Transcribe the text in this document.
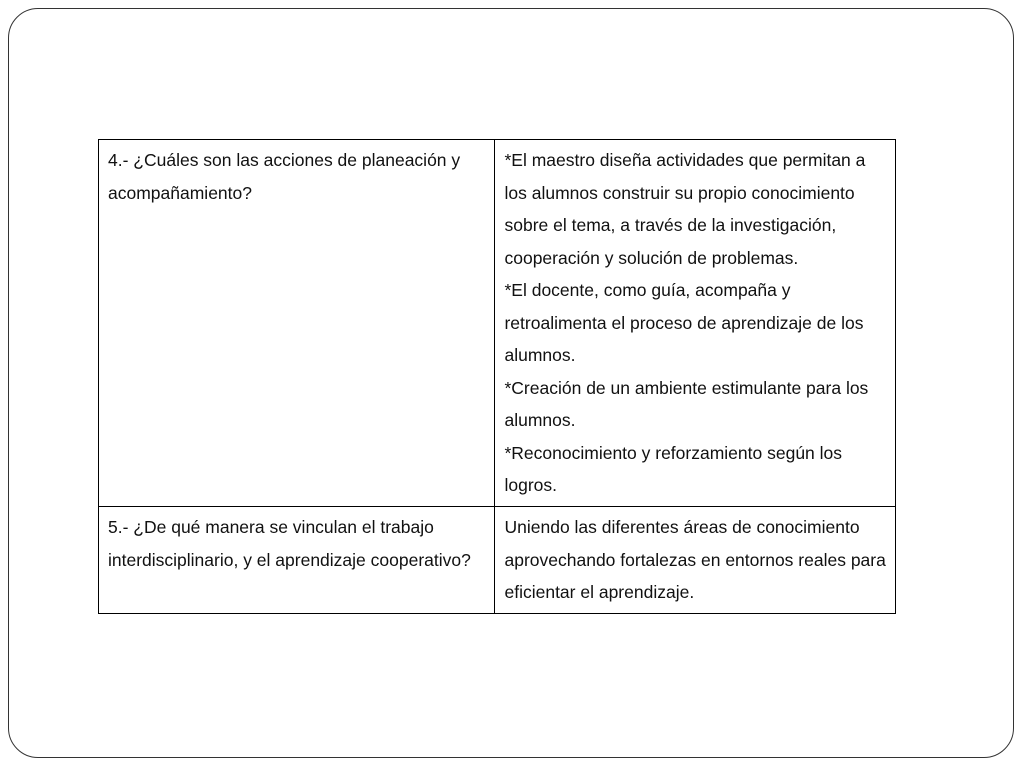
4.- ¿Cuáles son las acciones de planeación y acompañamiento?	*El maestro diseña actividades que permitan a los alumnos construir su propio conocimiento sobre el tema, a través de la investigación, cooperación y solución de problemas.
*El docente, como guía, acompaña y retroalimenta el proceso de aprendizaje de los alumnos.
*Creación de un ambiente estimulante para los alumnos.
*Reconocimiento y reforzamiento según los logros.

5.- ¿De qué manera se vinculan el trabajo interdisciplinario, y el aprendizaje cooperativo?	Uniendo las diferentes áreas de conocimiento aprovechando fortalezas en entornos reales para eficientar el aprendizaje.
